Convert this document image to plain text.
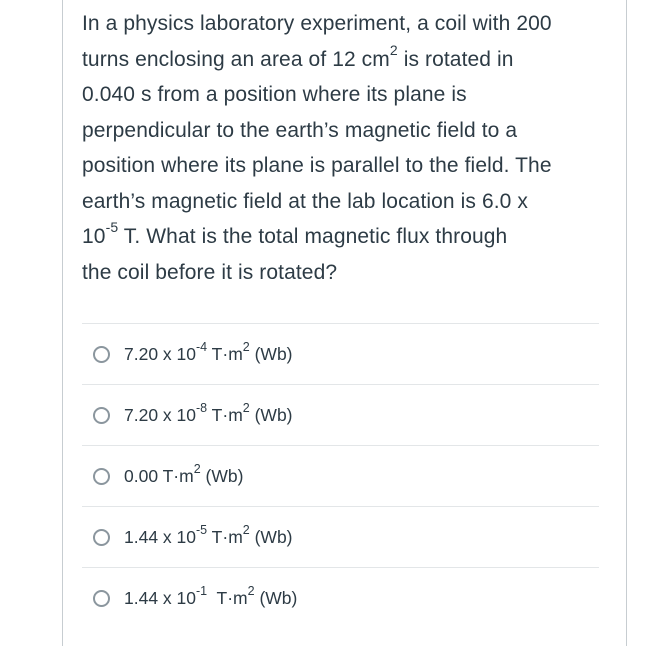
In a physics laboratory experiment, a coil with 200
turns enclosing an area of 12 $cm^2$ is rotated in
0.040 s from a position where its plane is
perpendicular to the earth’s magnetic field to a
position where its plane is parallel to the field. The
earth’s magnetic field at the lab location is 6.0 x
$10^{-5}$ T. What is the total magnetic flux through
the coil before it is rotated?
7.20 x $10^{-4}$ $T\cdot m^2$ (Wb)
7.20 x $10^{-8}$ $T\cdot m^2$ (Wb)
0.00 $T\cdot m^2$ (Wb)
1.44 x $10^{-5}$ $T\cdot m^2$ (Wb)
1.44 x $10^{-1}$  $T\cdot m^2$ (Wb)
